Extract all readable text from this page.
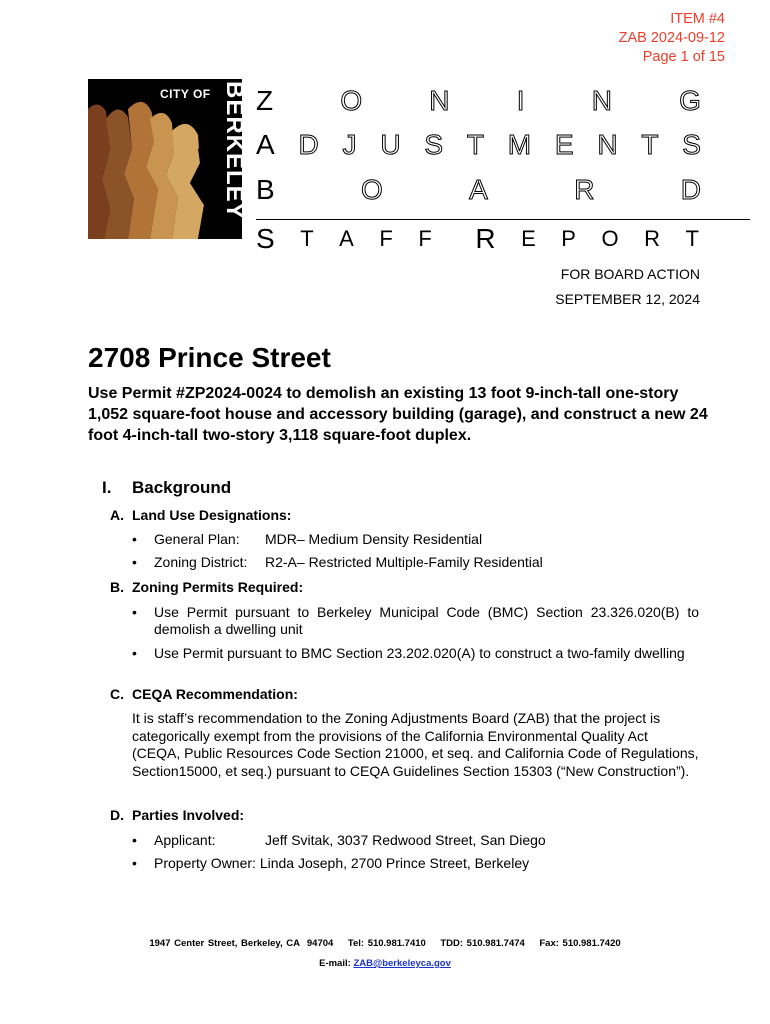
ITEM #4
ZAB 2024-09-12
Page 1 of 15
CITY OF BERKELEY Z O N I N G
A D J U S T M E N T S
B	O	A	R	D
S T A F F R E P O R T
FOR BOARD ACTION
SEPTEMBER 12, 2024
2708 Prince Street
Use Permit #ZP2024-0024 to demolish an existing 13 foot 9-inch-tall one-story 1,052 square-foot house and accessory building (garage), and construct a new 24 foot 4-inch-tall two-story 3,118 square-foot duplex.
I. Background
A. Land Use Designations:
• General Plan: MDR– Medium Density Residential
• Zoning District: R2-A– Restricted Multiple-Family Residential
B. Zoning Permits Required:
• Use Permit pursuant to Berkeley Municipal Code (BMC) Section 23.326.020(B) to demolish a dwelling unit
• Use Permit pursuant to BMC Section 23.202.020(A) to construct a two-family dwelling
C. CEQA Recommendation:
It is staff’s recommendation to the Zoning Adjustments Board (ZAB) that the project is categorically exempt from the provisions of the California Environmental Quality Act (CEQA, Public Resources Code Section 21000, et seq. and California Code of Regulations, Section15000, et seq.) pursuant to CEQA Guidelines Section 15303 (“New Construction”).
D. Parties Involved:
• Applicant:	Jeff Svitak, 3037 Redwood Street, San Diego
• Property Owner: Linda Joseph, 2700 Prince Street, Berkeley
1947 Center Street, Berkeley, CA  94704    Tel: 510.981.7410    TDD: 510.981.7474    Fax: 510.981.7420
E-mail: ZAB@berkeleyca.gov
